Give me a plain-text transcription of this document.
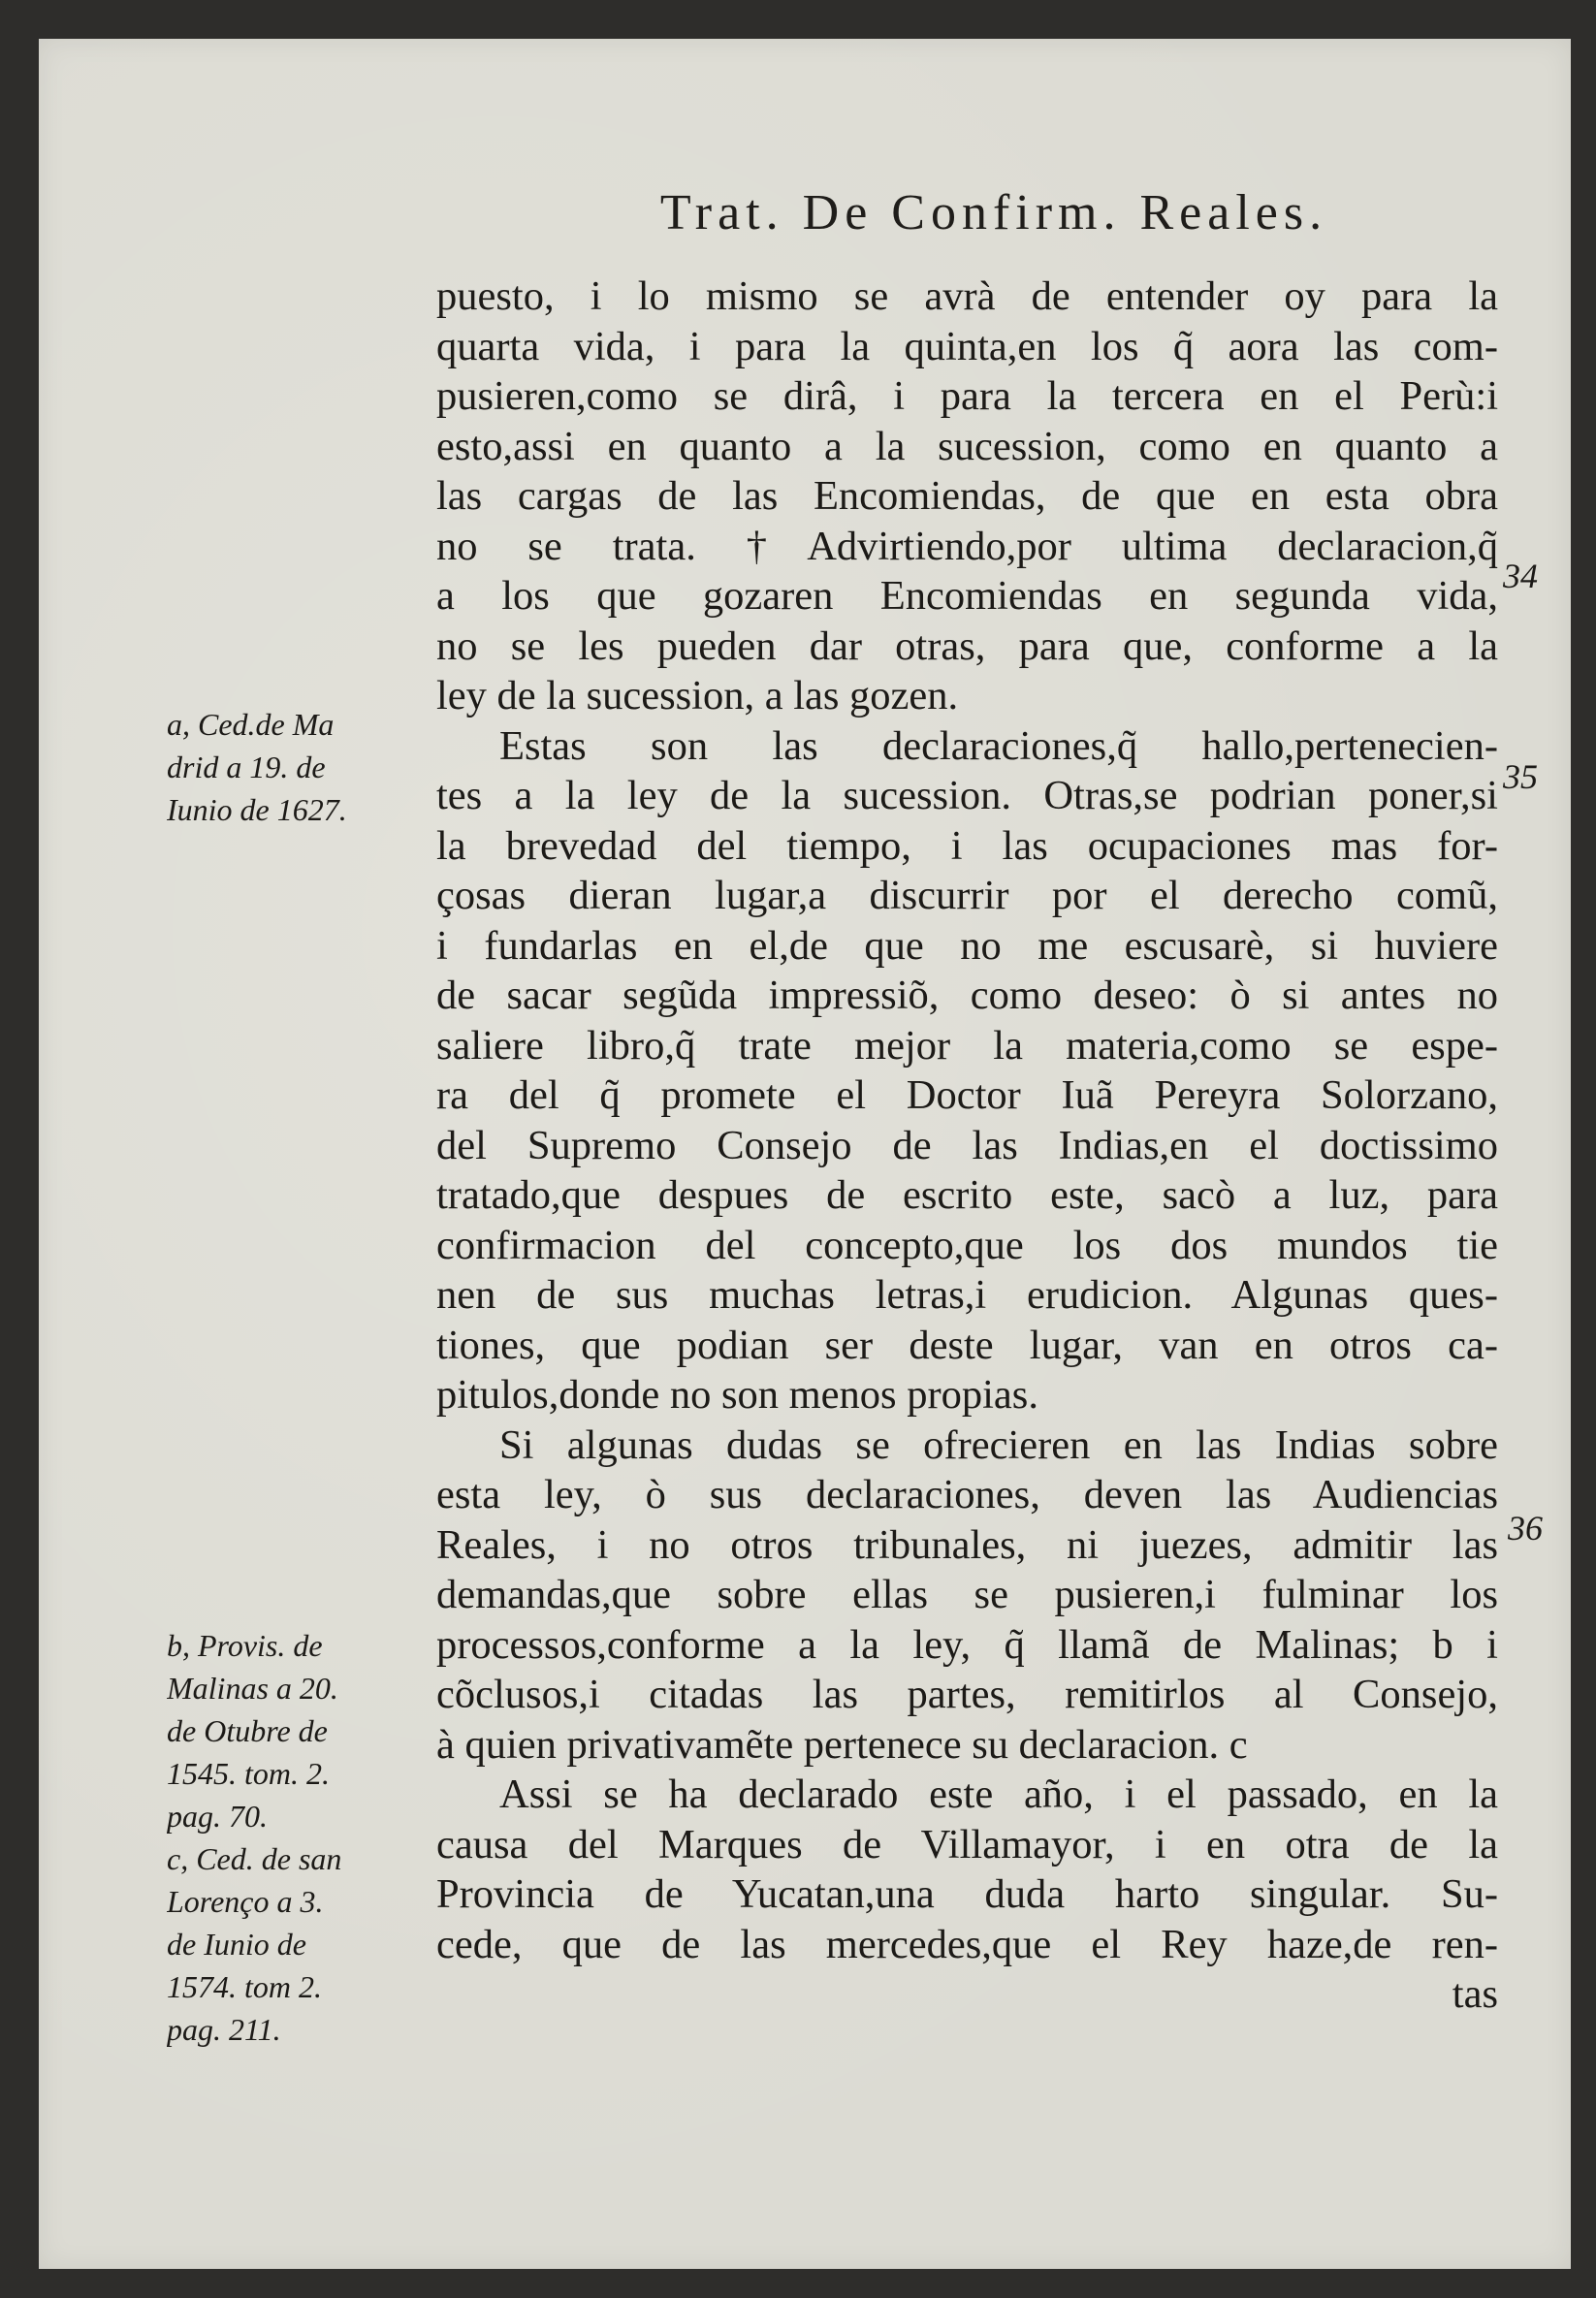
Trat. De Confirm. Reales.
puesto, i lo mismo se avrà de entender oy para la
quarta vida, i para la quinta,en los q̃ aora las com-
pusieren,como se dirâ, i para la tercera en el Perù:i
esto,assi en quanto a la sucession, como en quanto a
las cargas de las Encomiendas, de que en esta obra
no se trata. †Advirtiendo,por ultima declaracion,q̃
a los que gozaren Encomiendas en segunda vida,
no se les pueden dar otras, para que, conforme a la
ley de la sucession, a las gozen.
Estas son las declaraciones,q̃ hallo,pertenecien-
tes a la ley de la sucession. Otras,se podrian poner,si
la brevedad del tiempo, i las ocupaciones mas for-
çosas dieran lugar,a discurrir por el derecho comũ,
i fundarlas en el,de que no me escusarè, si huviere
de sacar segũda impressiõ, como deseo: ò si antes no
saliere libro,q̃ trate mejor la materia,como se espe-
ra del q̃ promete el Doctor Iuã Pereyra Solorzano,
del Supremo Consejo de las Indias,en el doctissimo
tratado,que despues de escrito este, sacò a luz, para
confirmacion del concepto,que los dos mundos tie
nen de sus muchas letras,i erudicion. Algunas ques-
tiones, que podian ser deste lugar, van en otros ca-
pitulos,donde no son menos propias.
Si algunas dudas se ofrecieren en las Indias sobre
esta ley, ò sus declaraciones, deven las Audiencias
Reales, i no otros tribunales, ni juezes, admitir las
demandas,que sobre ellas se pusieren,i fulminar los
processos,conforme a la ley, q̃ llamã de Malinas; b i
cõclusos,i citadas las partes, remitirlos al Consejo,
à quien privativamẽte pertenece su declaracion. c
Assi se ha declarado este año, i el passado, en la
causa del Marques de Villamayor, i en otra de la
Provincia de Yucatan,una duda harto singular. Su-
cede, que de las mercedes,que el Rey haze,de ren-
tas
34
35
36
a, Ced.de Ma
drid a 19. de
Iunio de 1627.
b, Provis. de
Malinas a 20.
de Otubre de
1545. tom. 2.
pag. 70.
c, Ced. de san
Lorenço a 3.
de Iunio de
1574. tom 2.
pag. 211.
